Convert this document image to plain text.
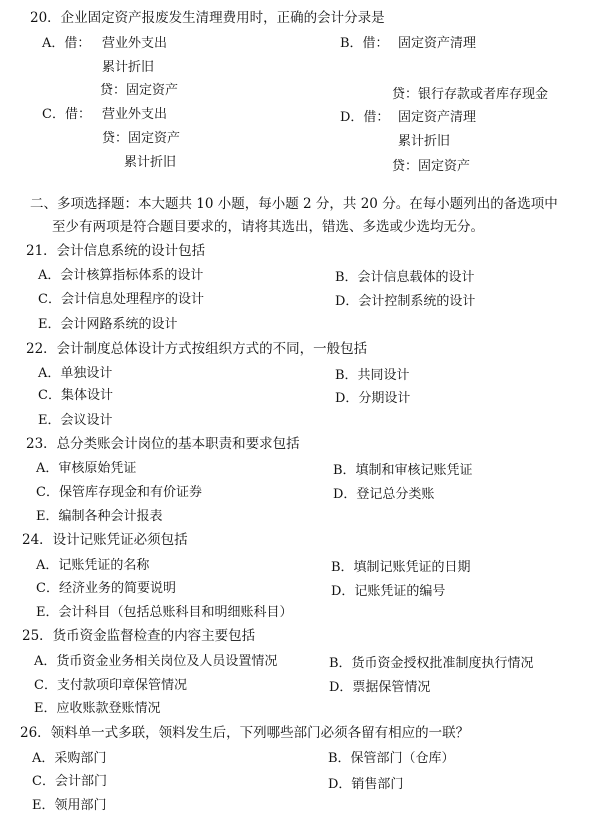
20．企业固定资产报废发生清理费用时，正确的会计分录是
A．借： 营业外支出
累计折旧
贷：固定资产
B．借： 固定资产清理
贷：银行存款或者库存现金
C．借： 营业外支出
贷：固定资产
累计折旧
D．借： 固定资产清理
累计折旧
贷：固定资产
二、多项选择题：本大题共 10 小题，每小题 2 分，共 20 分。在每小题列出的备选项中
至少有两项是符合题目要求的，请将其选出，错选、多选或少选均无分。
21．会计信息系统的设计包括
A．会计核算指标体系的设计	B．会计信息载体的设计
C．会计信息处理程序的设计	D．会计控制系统的设计
E．会计网路系统的设计
22．会计制度总体设计方式按组织方式的不同，一般包括
A．单独设计	B．共同设计
C．集体设计	D．分期设计
E．会议设计
23．总分类账会计岗位的基本职责和要求包括
A．审核原始凭证	B．填制和审核记账凭证
C．保管库存现金和有价证券	D．登记总分类账
E．编制各种会计报表
24．设计记账凭证必须包括
A．记账凭证的名称	B．填制记账凭证的日期
C．经济业务的简要说明	D．记账凭证的编号
E．会计科目（包括总账科目和明细账科目）
25．货币资金监督检查的内容主要包括
A．货币资金业务相关岗位及人员设置情况	B．货币资金授权批准制度执行情况
C．支付款项印章保管情况	D．票据保管情况
E．应收账款登账情况
26．领料单一式多联，领料发生后，下列哪些部门必须各留有相应的一联？
A．采购部门	B．保管部门（仓库）
C．会计部门	D．销售部门
E．领用部门
